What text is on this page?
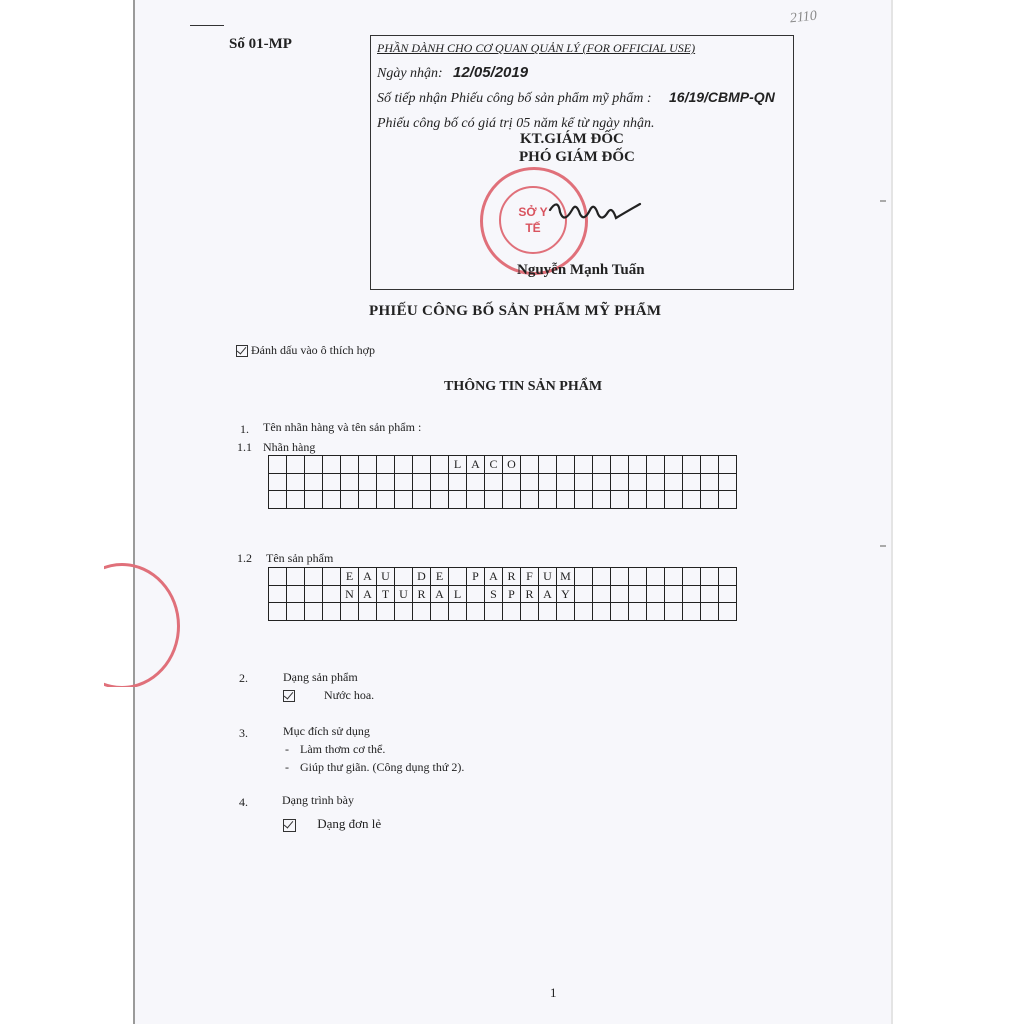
Số 01-MP
2110
PHẦN DÀNH CHO CƠ QUAN QUẢN LÝ (FOR OFFICIAL USE)
Ngày nhận: 12/05/2019
Số tiếp nhận Phiếu công bố sản phẩm mỹ phẩm : 16/19/CBMP-QN
Phiếu công bố có giá trị 05 năm kể từ ngày nhận.
KT.GIÁM ĐỐC
PHÓ GIÁM ĐỐC
SỞ Y TẾ
Nguyễn Mạnh Tuấn
PHIẾU CÔNG BỐ SẢN PHẨM MỸ PHẨM
Đánh dấu vào ô thích hợp
THÔNG TIN SẢN PHẨM
1. Tên nhãn hàng và tên sản phẩm :
1.1 Nhãn hàng
L A C O
1.2 Tên sản phẩm
E A U	D E	P A R F U M
N A T U R A L	S P R A Y
2.	Dạng sản phẩm
Nước hoa.
3.	Mục đích sử dụng
- Làm thơm cơ thể.
- Giúp thư giãn. (Công dụng thứ 2).
4.	Dạng trình bày
Dạng đơn lẻ
1
